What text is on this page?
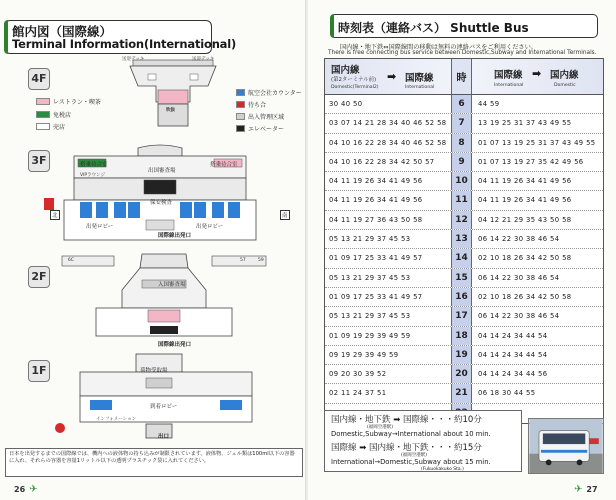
館内図（国際線）
Terminal Information(International)
4F
3F
2F
1F
レストラン・喫茶
免税店
売店
航空会社カウンター
待ち合
出入管理区域
エレベーター
送迎デッキ	送迎デッキ
吹抜
搭乗待合室	搭乗待合室
出国審査場
VIPラウンジ
保安検査
出発ロビー	出発ロビー
北	南
国際線出発口
6C	57	59
入国審査場
国際線出発口
荷物受取場
到着ロビー
インフォメーション
出口
日本を出発するまでの国際線では、機内への液体物の持ち込みが制限されています。液体物、ジェル類は100ml以下の容器に入れ、それらの容器を容量1リットル以下の透明プラスチック袋に入れてください。
26 ✈
時刻表（連絡バス） Shuttle Bus
国内線・地下鉄⇔国際線間の移動は無料の連絡バスをご利用ください。
There is free connecting bus service between Domestic,Subway and International Terminals.
国内線
(第2ターミナル前)
Domestic(Terminal2)
➡ 国際線
International
時	国際線
International
➡ 国内線
Domestic
30 40 50	6	44 59
03 07 14 21 28 34 40 46 52 58	7	13 19 25 31 37 43 49 55
04 10 16 22 28 34 40 46 52 58	8	01 07 13 19 25 31 37 43 49 55
04 10 16 22 28 34 42 50 57	9	01 07 13 19 27 35 42 49 56
04 11 19 26 34 41 49 56	10	04 11 19 26 34 41 49 56
04 11 19 26 34 41 49 56	11	04 11 19 26 34 41 49 56
04 11 19 27 36 43 50 58	12	04 12 21 29 35 43 50 58
05 13 21 29 37 45 53	13	06 14 22 30 38 46 54
01 09 17 25 33 41 49 57	14	02 10 18 26 34 42 50 58
05 13 21 29 37 45 53	15	06 14 22 30 38 46 54
01 09 17 25 33 41 49 57	16	02 10 18 26 34 42 50 58
05 13 21 29 37 45 53	17	06 14 22 30 38 46 54
01 09 19 29 39 49 59	18	04 14 24 34 44 54
09 19 29 39 49 59	19	04 14 24 34 44 54
09 20 30 39 52	20	04 14 24 34 44 56
02 11 24 37 51	21	06 18 30 44 55
国内線・地下鉄 ➡ 国際線・・・約10分
(福岡空港駅)
Domestic,Subway→International about 10 min.
国際線 ➡ 国内線・地下鉄・・・約15分
(福岡空港駅)
International→Domestic,Subway about 15 min.
(Fukuokakuko Sta.)
✈ 27
